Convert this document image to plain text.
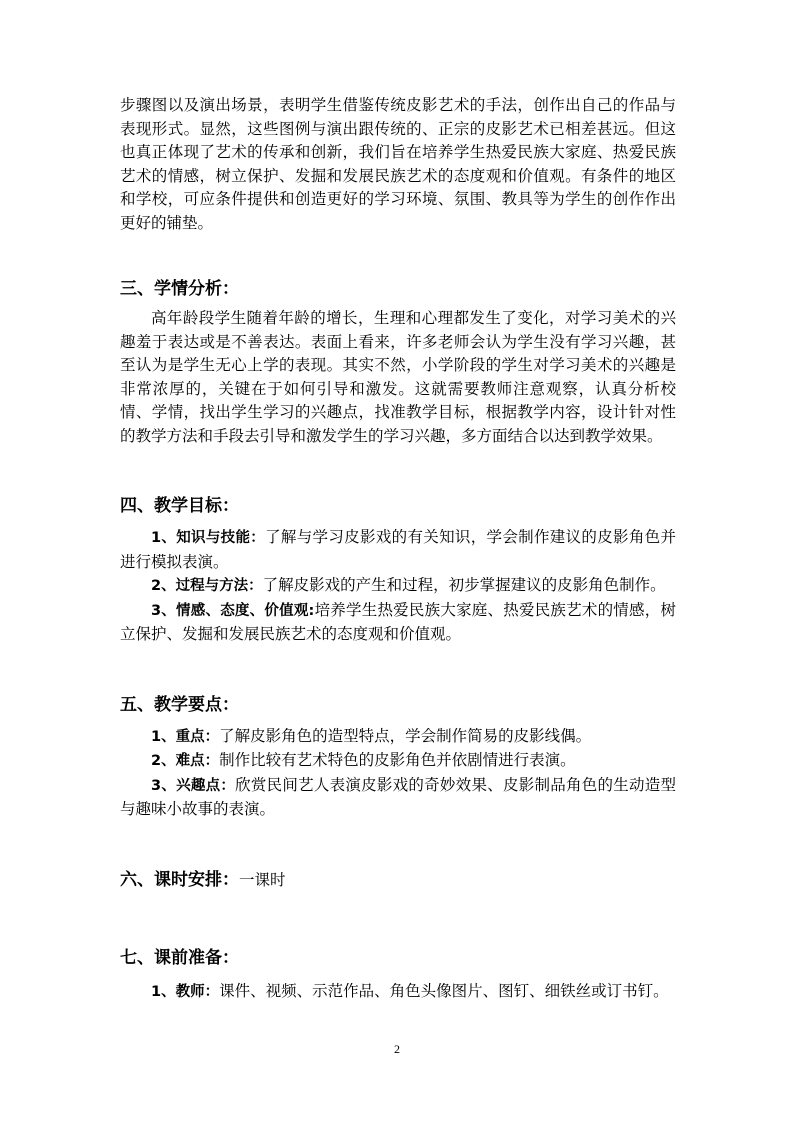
步骤图以及演出场景，表明学生借鉴传统皮影艺术的手法，创作出自己的作品与表现形式。显然，这些图例与演出跟传统的、正宗的皮影艺术已相差甚远。但这也真正体现了艺术的传承和创新，我们旨在培养学生热爱民族大家庭、热爱民族艺术的情感，树立保护、发掘和发展民族艺术的态度观和价值观。有条件的地区和学校，可应条件提供和创造更好的学习环境、氛围、教具等为学生的创作作出更好的铺垫。

三、学情分析：

高年龄段学生随着年龄的增长，生理和心理都发生了变化，对学习美术的兴趣羞于表达或是不善表达。表面上看来，许多老师会认为学生没有学习兴趣，甚至认为是学生无心上学的表现。其实不然，小学阶段的学生对学习美术的兴趣是非常浓厚的，关键在于如何引导和激发。这就需要教师注意观察，认真分析校情、学情，找出学生学习的兴趣点，找准教学目标，根据教学内容，设计针对性的教学方法和手段去引导和激发学生的学习兴趣，多方面结合以达到教学效果。

四、教学目标：

1、知识与技能：了解与学习皮影戏的有关知识，学会制作建议的皮影角色并进行模拟表演。

2、过程与方法：了解皮影戏的产生和过程，初步掌握建议的皮影角色制作。

3、情感、态度、价值观:培养学生热爱民族大家庭、热爱民族艺术的情感，树立保护、发掘和发展民族艺术的态度观和价值观。

五、教学要点：

1、重点：了解皮影角色的造型特点，学会制作简易的皮影线偶。

2、难点：制作比较有艺术特色的皮影角色并依剧情进行表演。

3、兴趣点：欣赏民间艺人表演皮影戏的奇妙效果、皮影制品角色的生动造型与趣味小故事的表演。

六、课时安排：一课时
七、课前准备：

1、教师：课件、视频、示范作品、角色头像图片、图钉、细铁丝或订书钉。

2
